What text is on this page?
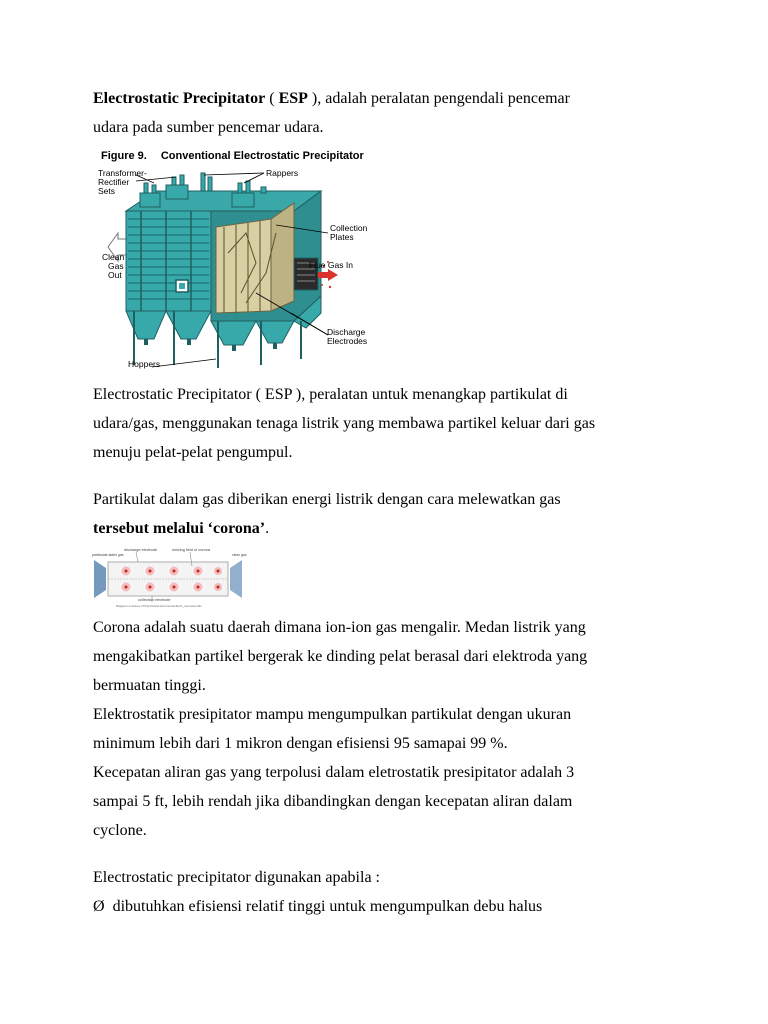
Electrostatic Precipitator ( ESP ), adalah peralatan pengendali pencemar

udara pada sumber pencemar udara.

Figure 9. Conventional Electrostatic Precipitator

Transformer-
Rectifier
Sets
Rappers
Collection
Plates
Flue Gas In
Clean
Gas
Out
Discharge
Electrodes
Hoppers

Electrostatic Precipitator ( ESP ), peralatan untuk menangkap partikulat di

udara/gas, menggunakan tenaga listrik yang membawa partikel keluar dari gas

menuju pelat-pelat pengumpul.

Partikulat dalam gas diberikan energi listrik dengan cara melewatkan gas

tersebut melalui ‘corona’.

discharge electrode	ionizing field or corona
particulate-laden gas	clean gas
collection electrode
Diagram courtesy of http://www.stsl.com/stsltech_overview.htm

Corona adalah suatu daerah dimana ion-ion gas mengalir. Medan listrik yang

mengakibatkan partikel bergerak ke dinding pelat berasal dari elektroda yang

bermuatan tinggi.

Elektrostatik presipitator mampu mengumpulkan partikulat dengan ukuran

minimum lebih dari 1 mikron dengan efisiensi 95 samapai 99 %.

Kecepatan aliran gas yang terpolusi dalam eletrostatik presipitator adalah 3

sampai 5 ft, lebih rendah jika dibandingkan dengan kecepatan aliran dalam

cyclone.

Electrostatic precipitator digunakan apabila :

Ø  dibutuhkan efisiensi relatif tinggi untuk mengumpulkan debu halus
